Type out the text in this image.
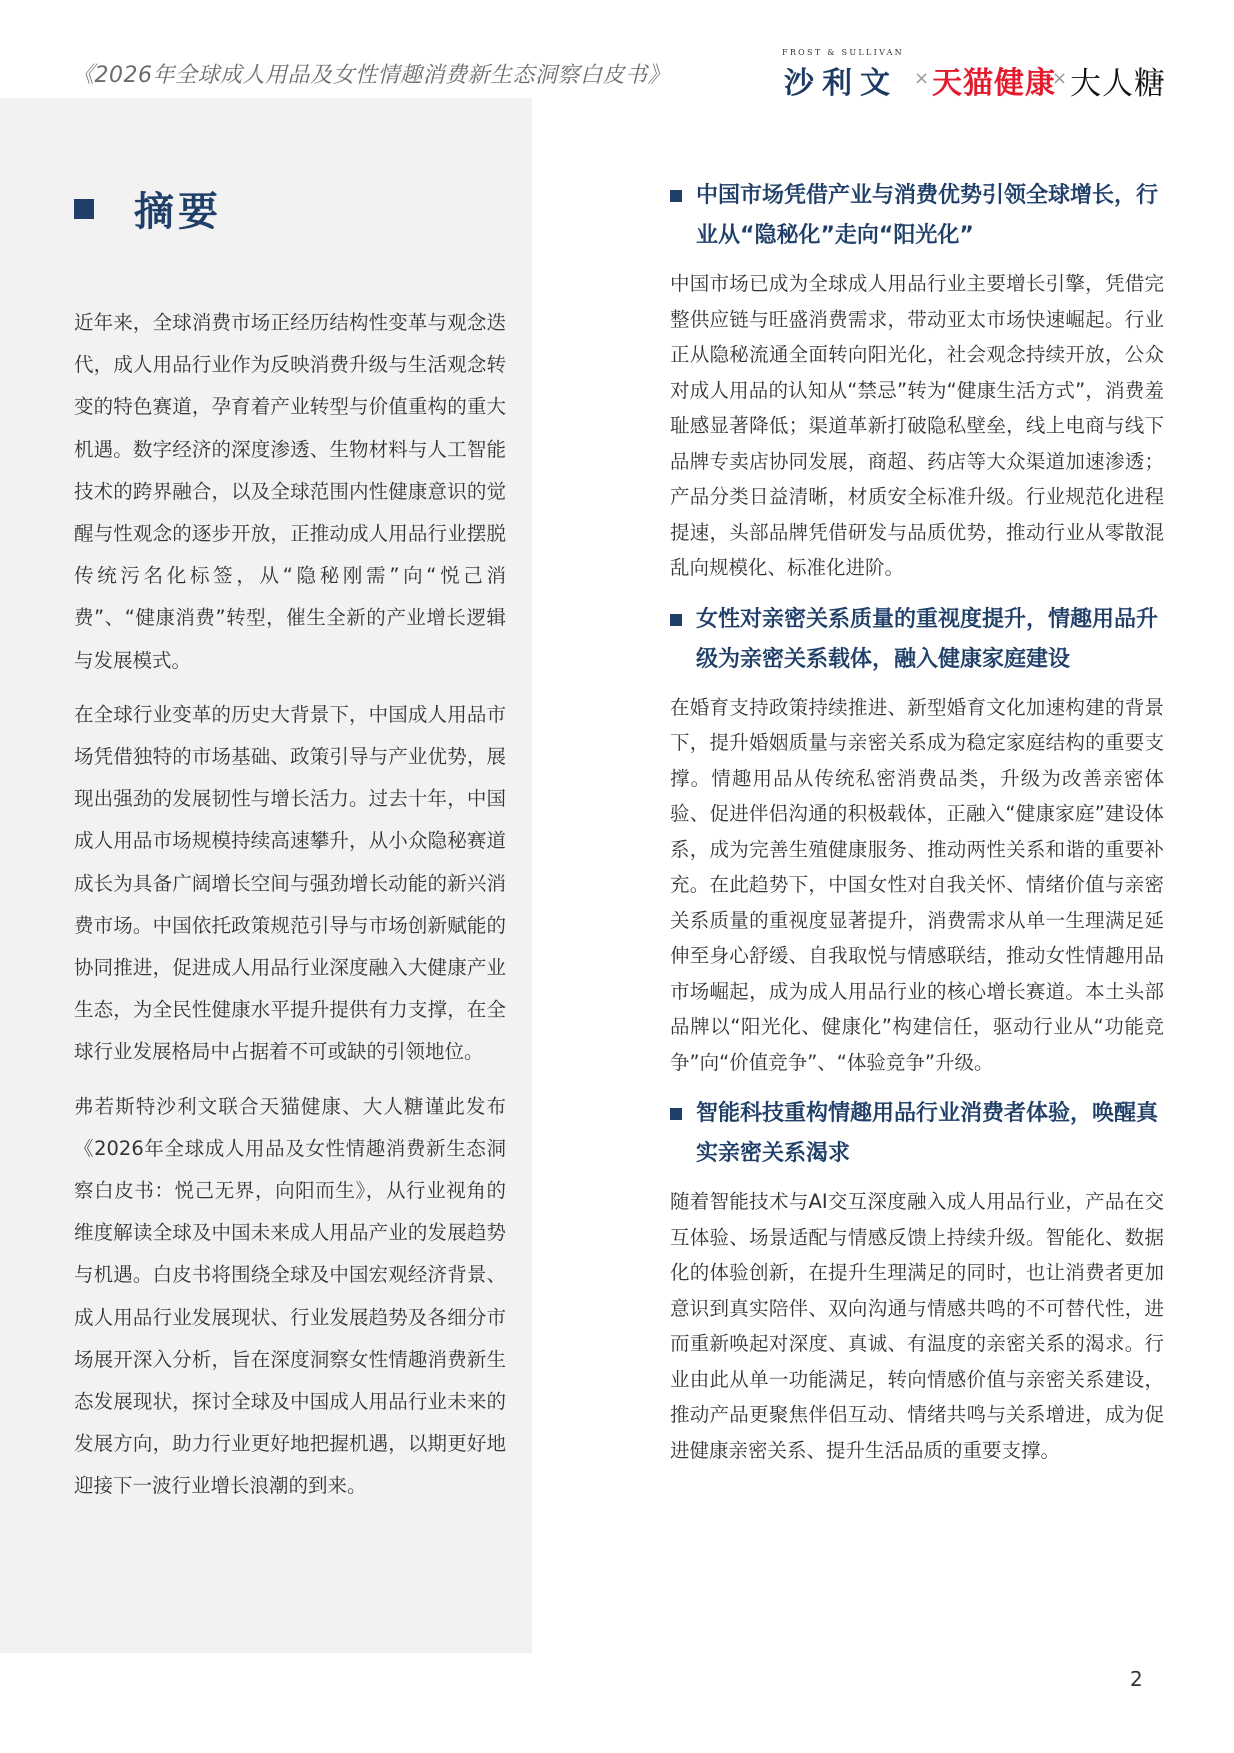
《2026年全球成人用品及女性情趣消费新生态洞察白皮书》
FROST & SULLIVAN
沙利文 × 天猫健康
× 大人糖
摘要

近年来，全球消费市场正经历结构性变革与观念迭代，成人用品行业作为反映消费升级与生活观念转变的特色赛道，孕育着产业转型与价值重构的重大机遇。数字经济的深度渗透、生物材料与人工智能技术的跨界融合，以及全球范围内性健康意识的觉醒与性观念的逐步开放，正推动成人用品行业摆脱传统污名化标签，从“隐秘刚需”向“悦己消费”、“健康消费”转型，催生全新的产业增长逻辑与发展模式。

在全球行业变革的历史大背景下，中国成人用品市场凭借独特的市场基础、政策引导与产业优势，展现出强劲的发展韧性与增长活力。过去十年，中国成人用品市场规模持续高速攀升，从小众隐秘赛道成长为具备广阔增长空间与强劲增长动能的新兴消费市场。中国依托政策规范引导与市场创新赋能的协同推进，促进成人用品行业深度融入大健康产业生态，为全民性健康水平提升提供有力支撑，在全球行业发展格局中占据着不可或缺的引领地位。

弗若斯特沙利文联合天猫健康、大人糖谨此发布《2026年全球成人用品及女性情趣消费新生态洞察白皮书：悦己无界，向阳而生》，从行业视角的维度解读全球及中国未来成人用品产业的发展趋势与机遇。白皮书将围绕全球及中国宏观经济背景、成人用品行业发展现状、行业发展趋势及各细分市场展开深入分析，旨在深度洞察女性情趣消费新生态发展现状，探讨全球及中国成人用品行业未来的发展方向，助力行业更好地把握机遇，以期更好地迎接下一波行业增长浪潮的到来。

中国市场凭借产业与消费优势引领全球增长，行业从“隐秘化”走向“阳光化”

中国市场已成为全球成人用品行业主要增长引擎，凭借完整供应链与旺盛消费需求，带动亚太市场快速崛起。行业正从隐秘流通全面转向阳光化，社会观念持续开放，公众对成人用品的认知从“禁忌”转为“健康生活方式”，消费羞耻感显著降低；渠道革新打破隐私壁垒，线上电商与线下品牌专卖店协同发展，商超、药店等大众渠道加速渗透；产品分类日益清晰，材质安全标准升级。行业规范化进程提速，头部品牌凭借研发与品质优势，推动行业从零散混乱向规模化、标准化进阶。

女性对亲密关系质量的重视度提升，情趣用品升级为亲密关系载体，融入健康家庭建设

在婚育支持政策持续推进、新型婚育文化加速构建的背景下，提升婚姻质量与亲密关系成为稳定家庭结构的重要支撑。情趣用品从传统私密消费品类，升级为改善亲密体验、促进伴侣沟通的积极载体，正融入“健康家庭”建设体系，成为完善生殖健康服务、推动两性关系和谐的重要补充。在此趋势下，中国女性对自我关怀、情绪价值与亲密关系质量的重视度显著提升，消费需求从单一生理满足延伸至身心舒缓、自我取悦与情感联结，推动女性情趣用品市场崛起，成为成人用品行业的核心增长赛道。本土头部品牌以“阳光化、健康化”构建信任，驱动行业从“功能竞争”向“价值竞争”、“体验竞争”升级。

智能科技重构情趣用品行业消费者体验，唤醒真实亲密关系渴求

随着智能技术与AI交互深度融入成人用品行业，产品在交互体验、场景适配与情感反馈上持续升级。智能化、数据化的体验创新，在提升生理满足的同时，也让消费者更加意识到真实陪伴、双向沟通与情感共鸣的不可替代性，进而重新唤起对深度、真诚、有温度的亲密关系的渴求。行业由此从单一功能满足，转向情感价值与亲密关系建设，推动产品更聚焦伴侣互动、情绪共鸣与关系增进，成为促进健康亲密关系、提升生活品质的重要支撑。

2
